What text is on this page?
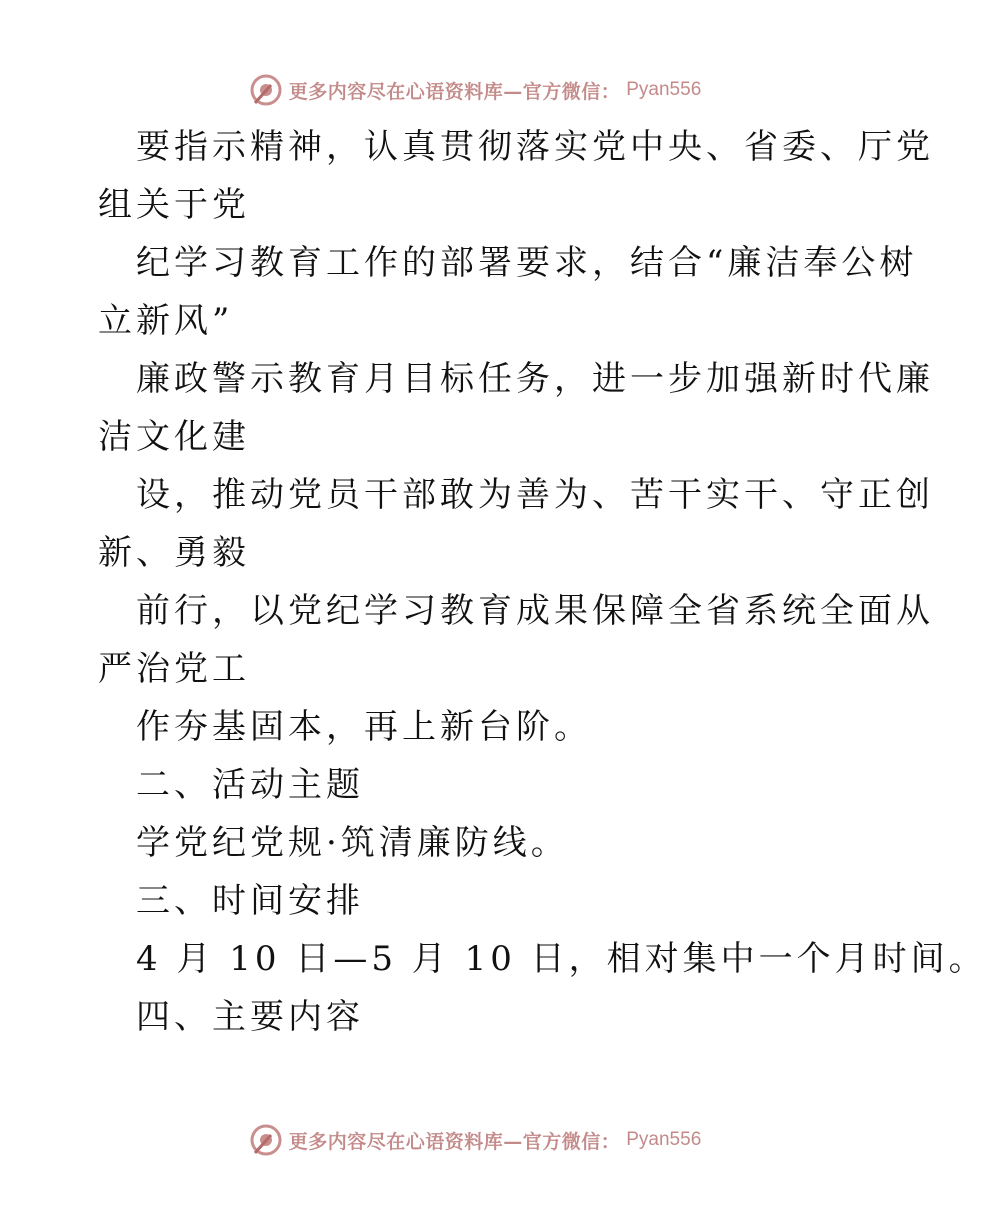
更多内容尽在心语资料库—官方微信： Pyan556
要指示精神，认真贯彻落实党中央、省委、厅党
组关于党
纪学习教育工作的部署要求，结合“廉洁奉公树
立新风”
廉政警示教育月目标任务，进一步加强新时代廉
洁文化建
设，推动党员干部敢为善为、苦干实干、守正创
新、勇毅
前行，以党纪学习教育成果保障全省系统全面从
严治党工
作夯基固本，再上新台阶。
二、活动主题
学党纪党规·筑清廉防线。
三、时间安排
4 月 10 日—5 月 10 日，相对集中一个月时间。
四、主要内容
更多内容尽在心语资料库—官方微信： Pyan556
